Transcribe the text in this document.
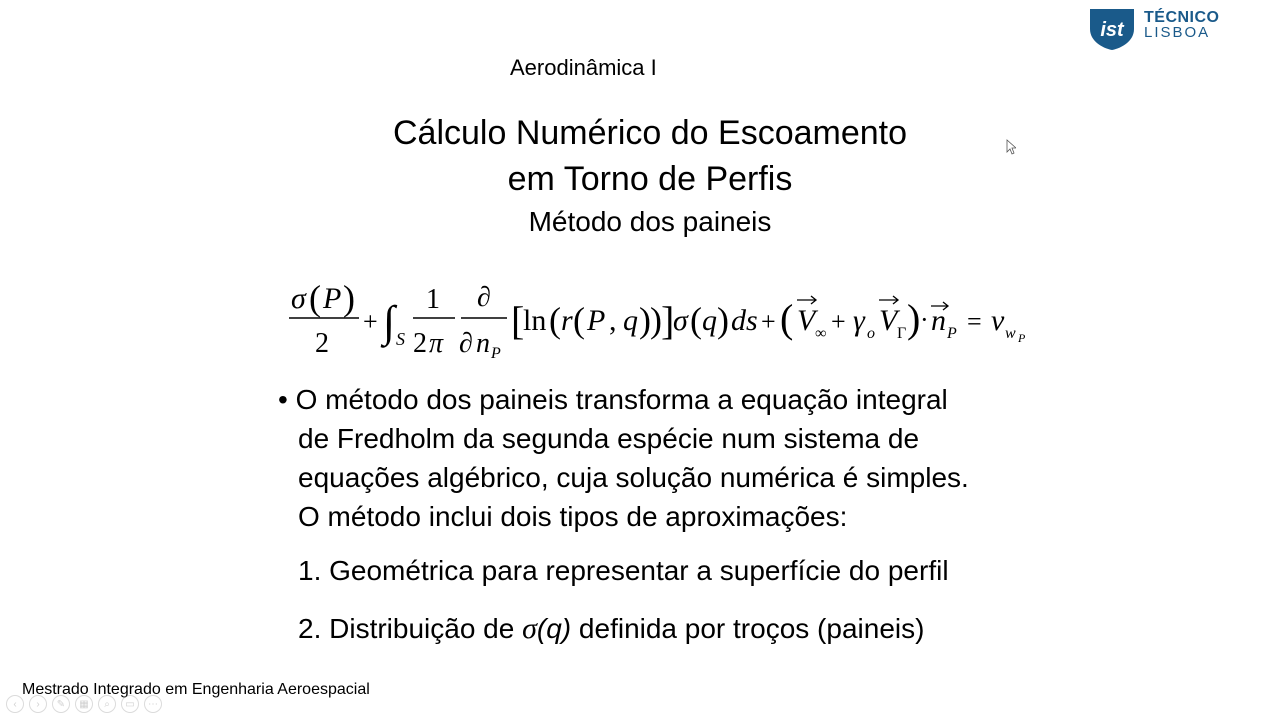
Aerodinâmica I
ist
TÉCNICO
LISBOA
Cálculo Numérico do Escoamento
em Torno de Perfis
Método dos paineis
σ ( P )
2
+ ∫ S
1
2 π
∂
∂ n P
[
ln ( r ( P , q ) ) ]
σ ( q ) ds + ( V ∞ + γ o V Γ ) · n P = v w P
• O método dos paineis transforma a equação integral
de Fredholm da segunda espécie num sistema de
equações algébrico, cuja solução numérica é simples.
O método inclui dois tipos de aproximações:
1. Geométrica para representar a superfície do perfil
2. Distribuição de σ(q) definida por troços (paineis)
Mestrado Integrado em Engenharia Aeroespacial
‹	›	✎	▦	⌕	▭	⋯
